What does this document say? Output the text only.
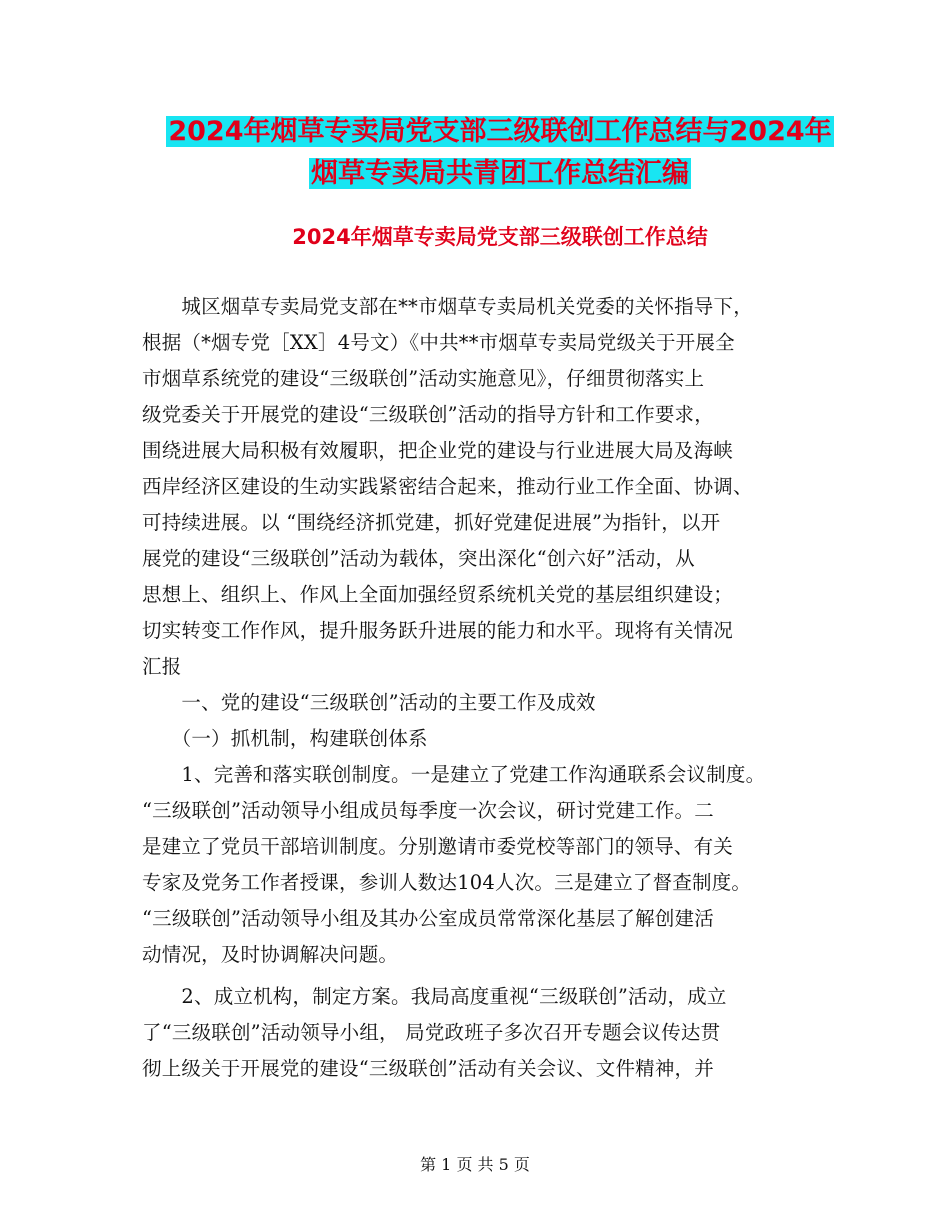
2024年烟草专卖局党支部三级联创工作总结与2024年
烟草专卖局共青团工作总结汇编
2024年烟草专卖局党支部三级联创工作总结
　　城区烟草专卖局党支部在**市烟草专卖局机关党委的关怀指导下，
根据（*烟专党［XX］4号文）《中共**市烟草专卖局党级关于开展全
市烟草系统党的建设“三级联创”活动实施意见》，仔细贯彻落实上
级党委关于开展党的建设“三级联创”活动的指导方针和工作要求，
围绕进展大局积极有效履职，把企业党的建设与行业进展大局及海峡
西岸经济区建设的生动实践紧密结合起来，推动行业工作全面、协调、
可持续进展。以 “围绕经济抓党建，抓好党建促进展”为指针，以开
展党的建设“三级联创”活动为载体，突出深化“创六好”活动，从
思想上、组织上、作风上全面加强经贸系统机关党的基层组织建设；
切实转变工作作风，提升服务跃升进展的能力和水平。现将有关情况
汇报
　　一、党的建设“三级联创”活动的主要工作及成效
　　（一）抓机制，构建联创体系
　　1、完善和落实联创制度。一是建立了党建工作沟通联系会议制度。
“三级联创”活动领导小组成员每季度一次会议，研讨党建工作。二
是建立了党员干部培训制度。分别邀请市委党校等部门的领导、有关
专家及党务工作者授课，参训人数达104人次。三是建立了督查制度。
“三级联创”活动领导小组及其办公室成员常常深化基层了解创建活
动情况，及时协调解决问题。
　　2、成立机构，制定方案。我局高度重视“三级联创”活动，成立
了“三级联创”活动领导小组， 局党政班子多次召开专题会议传达贯
彻上级关于开展党的建设“三级联创”活动有关会议、文件精神，并
第 1 页 共 5 页
